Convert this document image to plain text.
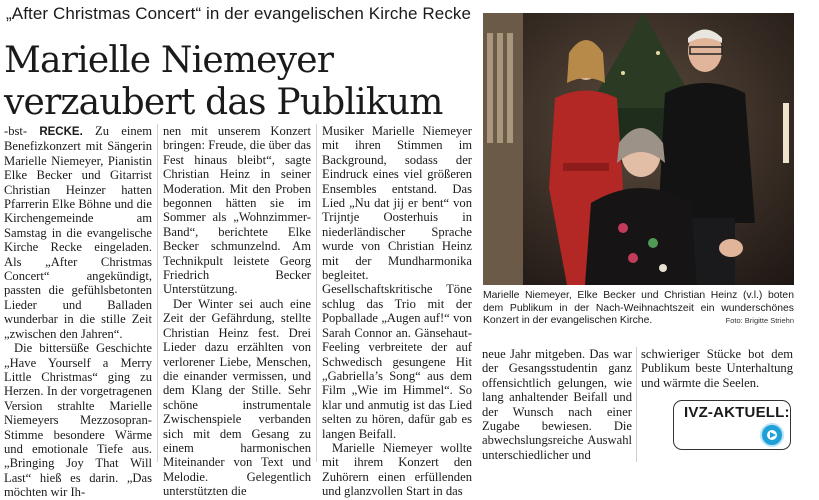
„After Christmas Concert“ in der evangelischen Kirche Recke
Marielle Niemeyer
verzaubert das Publikum

-bst- RECKE. Zu einem Benefizkonzert mit Sängerin Marielle Niemeyer, Pianistin Elke Becker und Gitarrist Christian Heinzer hatten Pfarrerin Elke Böhne und die Kirchengemeinde am Samstag in die evangelische Kirche Recke eingeladen. Als „After Christmas Concert“ angekündigt, passten die gefühlsbetonten Lieder und Balladen wunderbar in die stille Zeit „zwischen den Jahren“.

Die bittersüße Geschichte „Have Yourself a Merry Little Christmas“ ging zu Herzen. In der vorgetragenen Version strahlte Marielle Niemeyers Mezzosopran-Stimme besondere Wärme und emotionale Tiefe aus. „Bringing Joy That Will Last“ hieß es darin. „Das möchten wir Ih-

nen mit unserem Konzert bringen: Freude, die über das Fest hinaus bleibt“, sagte Christian Heinz in seiner Moderation. Mit den Proben begonnen hätten sie im Sommer als „Wohnzimmer-Band“, berichtete Elke Becker schmunzelnd. Am Technikpult leistete Georg Friedrich Becker Unterstützung.

Der Winter sei auch eine Zeit der Gefährdung, stellte Christian Heinz fest. Drei Lieder dazu erzählten von verlorener Liebe, Menschen, die einander vermissen, und dem Klang der Stille. Sehr schöne instrumentale Zwischenspiele verbanden sich mit dem Gesang zu einem harmonischen Miteinander von Text und Melodie. Gelegentlich unterstützten die

Musiker Marielle Niemeyer mit ihren Stimmen im Background, sodass der Eindruck eines viel größeren Ensembles entstand. Das Lied „Nu dat jij er bent“ von Trijntje Oosterhuis in niederländischer Sprache wurde von Christian Heinz mit der Mundharmonika begleitet. Gesellschaftskritische Töne schlug das Trio mit der Popballade „Augen auf!“ von Sarah Connor an. Gänsehaut-Feeling verbreitete der auf Schwedisch gesungene Hit „Gabriella’s Song“ aus dem Film „Wie im Himmel“. So klar und anmutig ist das Lied selten zu hören, dafür gab es langen Beifall.

Marielle Niemeyer wollte mit ihrem Konzert den Zuhörern einen erfüllenden und glanzvollen Start in das

Marielle Niemeyer, Elke Becker und Christian Heinz (v.l.) boten dem Publikum in der Nach-Weihnachtszeit ein wunderschönes Konzert in der evangelischen Kirche.	Foto: Brigitte Striehn

neue Jahr mitgeben. Das war der Gesangsstudentin ganz offensichtlich gelungen, wie lang anhaltender Beifall und der Wunsch nach einer Zugabe bewiesen. Die abwechslungsreiche Auswahl unterschiedlicher und

schwieriger Stücke bot dem Publikum beste Unterhaltung und wärmte die Seelen.

IVZ-AKTUELL:
